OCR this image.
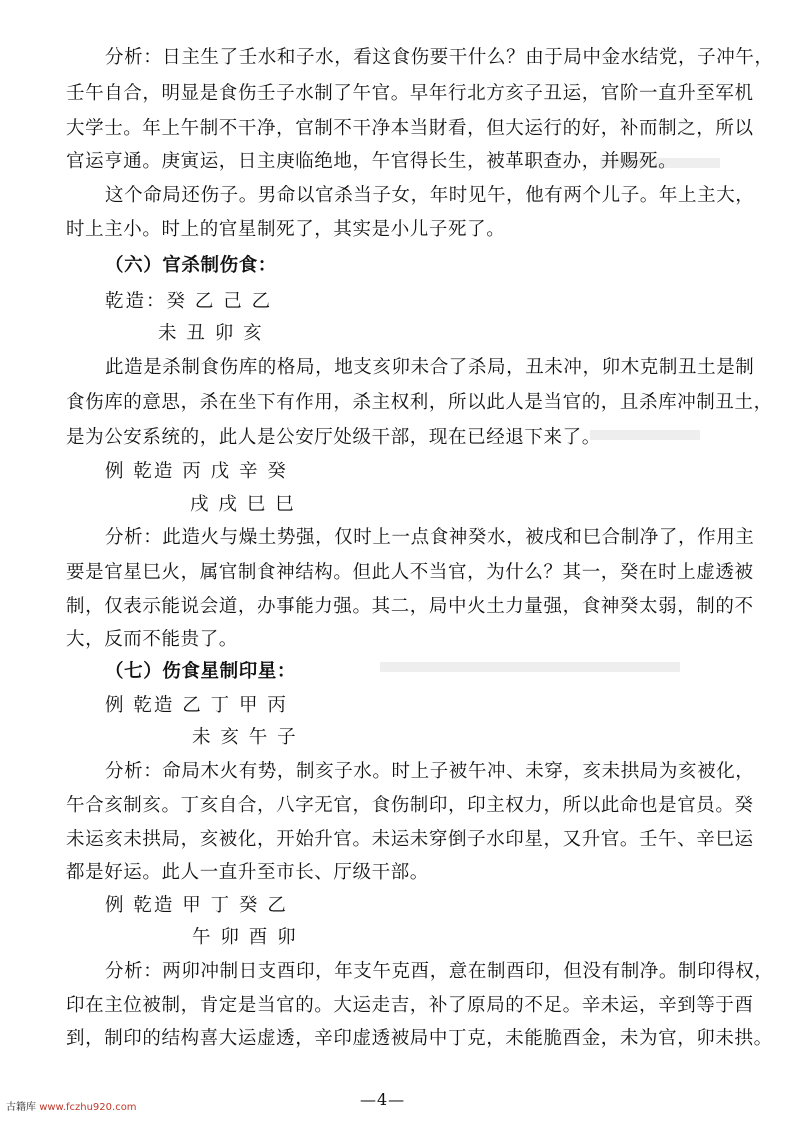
分析：日主生了壬水和子水，看这食伤要干什么？由于局中金水结党，子冲午，
壬午自合，明显是食伤壬子水制了午官。早年行北方亥子丑运，官阶一直升至军机
大学士。年上午制不干净，官制不干净本当財看，但大运行的好，补而制之，所以
官运亨通。庚寅运，日主庚临绝地，午官得长生，被革职查办，并赐死。
这个命局还伤子。男命以官杀当子女，年时见午，他有两个儿子。年上主大，
时上主小。时上的官星制死了，其实是小儿子死了。
（六）官杀制伤食：
乾造：癸 乙 己 乙
未 丑 卯 亥
此造是杀制食伤库的格局，地支亥卯未合了杀局，丑未冲，卯木克制丑土是制
食伤库的意思，杀在坐下有作用，杀主权利，所以此人是当官的，且杀库冲制丑土，
是为公安系统的，此人是公安厅处级干部，现在已经退下来了。
例 乾造 丙 戊 辛 癸
戌 戌 巳 巳
分析：此造火与燥土势强，仅时上一点食神癸水，被戌和巳合制净了，作用主
要是官星巳火，属官制食神结构。但此人不当官，为什么？其一，癸在时上虚透被
制，仅表示能说会道，办事能力强。其二，局中火土力量强，食神癸太弱，制的不
大，反而不能贵了。
（七）伤食星制印星：
例 乾造 乙 丁 甲 丙
未 亥 午 子
分析：命局木火有势，制亥子水。时上子被午冲、未穿，亥未拱局为亥被化，
午合亥制亥。丁亥自合，八字无官，食伤制印，印主权力，所以此命也是官员。癸
未运亥未拱局，亥被化，开始升官。未运未穿倒子水印星，又升官。壬午、辛巳运
都是好运。此人一直升至市长、厅级干部。
例 乾造 甲 丁 癸 乙
午 卯 酉 卯
分析：两卯冲制日支酉印，年支午克酉，意在制酉印，但没有制净。制印得权，
印在主位被制，肯定是当官的。大运走吉，补了原局的不足。辛未运，辛到等于酉
到，制印的结构喜大运虚透，辛印虚透被局中丁克，未能脆酉金，未为官，卯未拱。
古籍库 www.fczhu920.com	—4—
